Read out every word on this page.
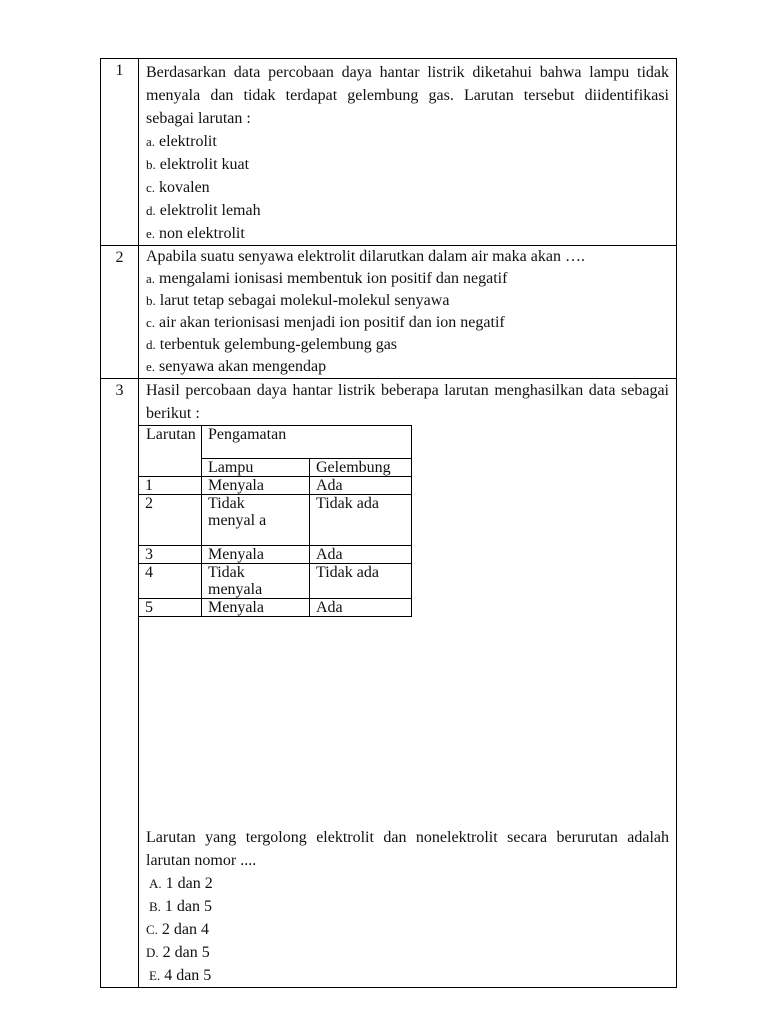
1	Berdasarkan data percobaan daya hantar listrik diketahui bahwa lampu tidak menyala dan tidak terdapat gelembung gas. Larutan tersebut diidentifikasi sebagai larutan :
a. elektrolit
b. elektrolit kuat
c. kovalen
d. elektrolit lemah
e. non elektrolit

2	Apabila suatu senyawa elektrolit dilarutkan dalam air maka akan ….
a. mengalami ionisasi membentuk ion positif dan negatif
b. larut tetap sebagai molekul-molekul senyawa
c. air akan terionisasi menjadi ion positif dan ion negatif
d. terbentuk gelembung-gelembung gas
e. senyawa akan mengendap

3	Hasil percobaan daya hantar listrik beberapa larutan menghasilkan data sebagai berikut :
Larutan	Pengamatan
Lampu	Gelembung
1	Menyala	Ada
2	Tidak menyal a	Tidak ada
3	Menyala	Ada
4	Tidak menyala	Tidak ada
5	Menyala	Ada
Larutan yang tergolong elektrolit dan nonelektrolit secara berurutan adalah larutan nomor ....
A. 1 dan 2
B. 1 dan 5
C. 2 dan 4
D. 2 dan 5
E. 4 dan 5
